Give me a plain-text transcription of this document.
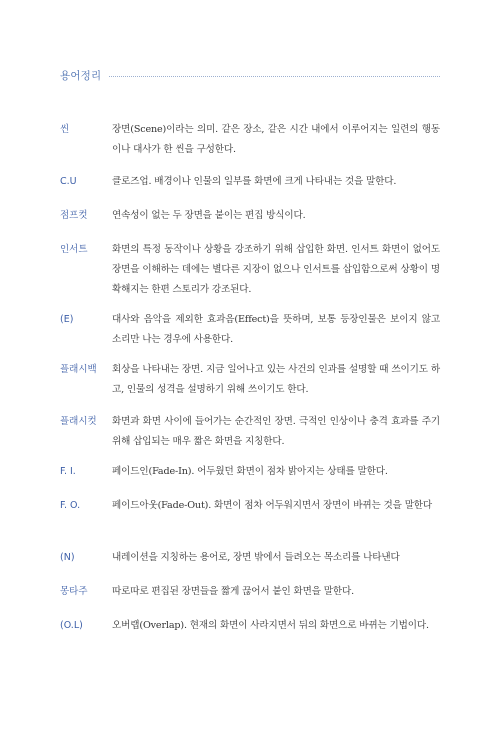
용어정리
씬	장면(Scene)이라는 의미. 같은 장소, 같은 시간 내에서 이루어지는 일련의 행동이나 대사가 한 씬을 구성한다.
C.U	클로즈업. 배경이나 인물의 일부를 화면에 크게 나타내는 것을 말한다.
점프컷	연속성이 없는 두 장면을 붙이는 편집 방식이다.
인서트	화면의 특정 동작이나 상황을 강조하기 위해 삽입한 화면. 인서트 화면이 없어도 장면을 이해하는 데에는 별다른 지장이 없으나 인서트를 삽입함으로써 상황이 명확해지는 한편 스토리가 강조된다.
(E)	대사와 음악을 제외한 효과음(Effect)을 뜻하며, 보통 등장인물은 보이지 않고 소리만 나는 경우에 사용한다.
플래시백	회상을 나타내는 장면. 지금 일어나고 있는 사건의 인과를 설명할 때 쓰이기도 하고, 인물의 성격을 설명하기 위해 쓰이기도 한다.
플래시컷	화면과 화면 사이에 들어가는 순간적인 장면. 극적인 인상이나 충격 효과를 주기 위해 삽입되는 매우 짧은 화면을 지칭한다.
F. I.	페이드인(Fade-In). 어두웠던 화면이 점차 밝아지는 상태를 말한다.
F. O.	페이드아웃(Fade-Out). 화면이 점차 어두워지면서 장면이 바뀌는 것을 말한다
(N)	내레이션을 지칭하는 용어로, 장면 밖에서 들려오는 목소리를 나타낸다
몽타주	따로따로 편집된 장면들을 짧게 끊어서 붙인 화면을 말한다.
(O.L)	오버랩(Overlap). 현재의 화면이 사라지면서 뒤의 화면으로 바뀌는 기법이다.
